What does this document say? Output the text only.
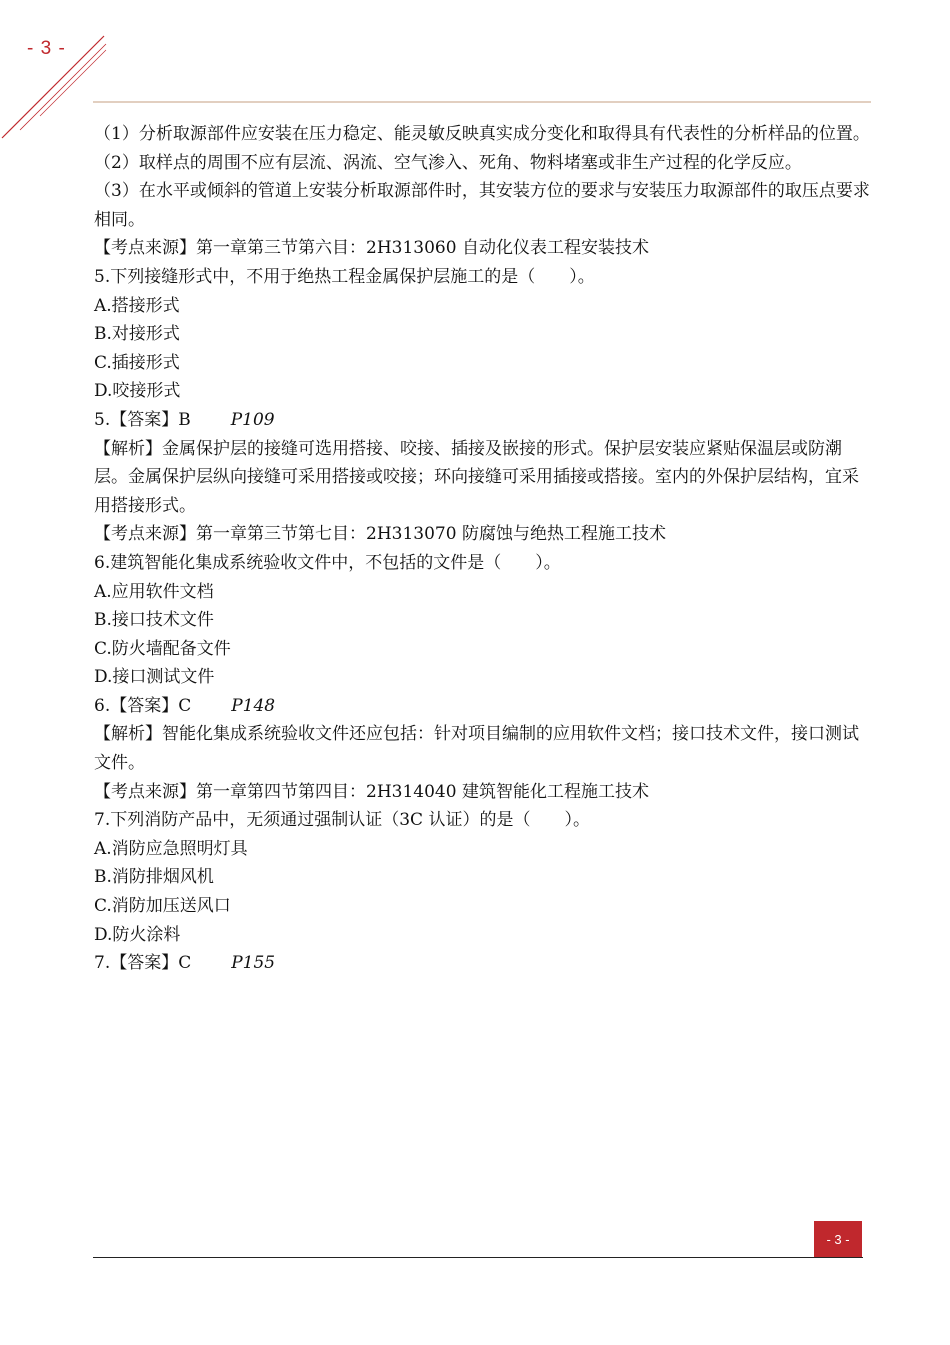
- 3 -

（1）分析取源部件应安装在压力稳定、能灵敏反映真实成分变化和取得具有代表性的分析样品的位置。

（2）取样点的周围不应有层流、涡流、空气渗入、死角、物料堵塞或非生产过程的化学反应。

（3）在水平或倾斜的管道上安装分析取源部件时，其安装方位的要求与安装压力取源部件的取压点要求相同。

【考点来源】第一章第三节第六目：2H313060 自动化仪表工程安装技术

5.下列接缝形式中，不用于绝热工程金属保护层施工的是（　　）。

A.搭接形式

B.对接形式

C.插接形式

D.咬接形式

5.【答案】B P109

【解析】金属保护层的接缝可选用搭接、咬接、插接及嵌接的形式。保护层安装应紧贴保温层或防潮层。金属保护层纵向接缝可采用搭接或咬接；环向接缝可采用插接或搭接。室内的外保护层结构，宜采用搭接形式。

【考点来源】第一章第三节第七目：2H313070 防腐蚀与绝热工程施工技术

6.建筑智能化集成系统验收文件中，不包括的文件是（　　）。

A.应用软件文档

B.接口技术文件

C.防火墙配备文件

D.接口测试文件

6.【答案】C P148

【解析】智能化集成系统验收文件还应包括：针对项目编制的应用软件文档；接口技术文件，接口测试文件。

【考点来源】第一章第四节第四目：2H314040 建筑智能化工程施工技术

7.下列消防产品中，无须通过强制认证（3C 认证）的是（　　）。

A.消防应急照明灯具

B.消防排烟风机

C.消防加压送风口

D.防火涂料

7.【答案】C P155

- 3 -
